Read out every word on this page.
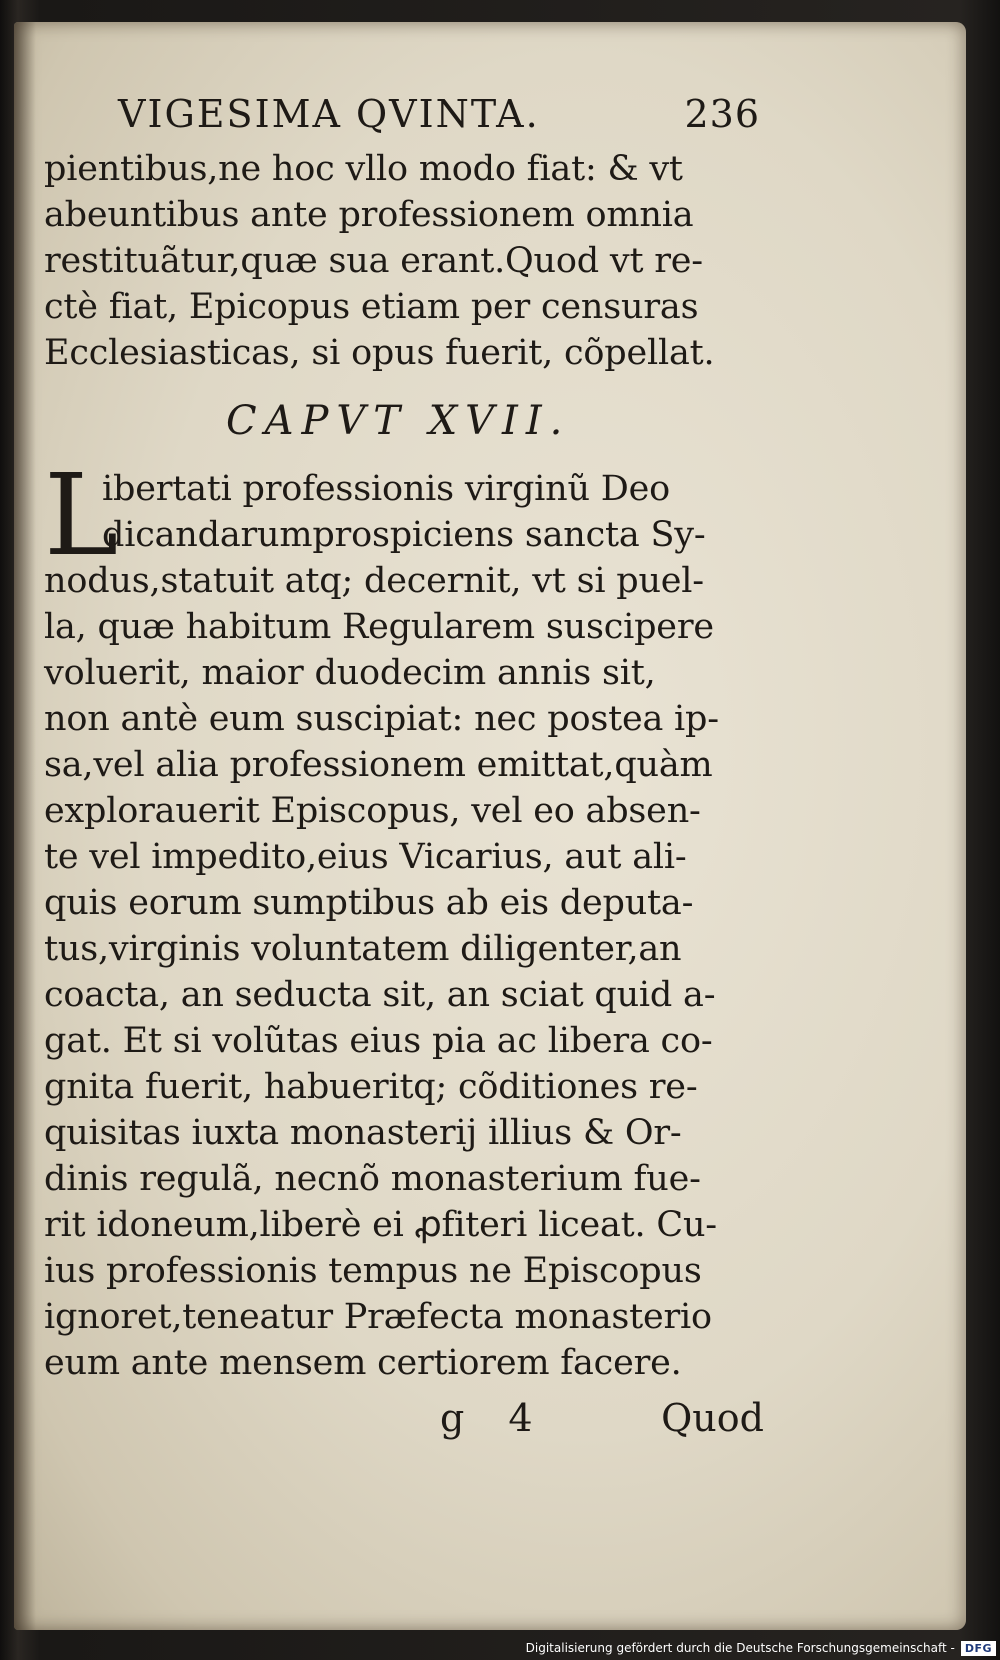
VIGESIMA QVINTA.	236
pientibus,ne hoc vllo modo fiat: & vt
abeuntibus ante professionem omnia
restituãtur,quæ sua erant.Quod vt re-
ctè fiat, Epicopus etiam per censuras
Ecclesiasticas, si opus fuerit, cõpellat.
CAPVT XVII.
L
ibertati professionis virginũ Deo
dicandarumprospiciens sancta Sy-
nodus,statuit atq; decernit, vt si puel-
la, quæ habitum Regularem suscipere
voluerit, maior duodecim annis sit,
non antè eum suscipiat: nec postea ip-
sa,vel alia professionem emittat,quàm
explorauerit Episcopus, vel eo absen-
te vel impedito,eius Vicarius, aut ali-
quis eorum sumptibus ab eis deputa-
tus,virginis voluntatem diligenter,an
coacta, an seducta sit, an sciat quid a-
gat. Et si volũtas eius pia ac libera co-
gnita fuerit, habueritq; cõditiones re-
quisitas iuxta monasterij illius & Or-
dinis regulã, necnõ monasterium fue-
rit idoneum,liberè ei ꝓfiteri liceat. Cu-
ius professionis tempus ne Episcopus
ignoret,teneatur Præfecta monasterio
eum ante mensem certiorem facere.
g 4	Quod
Digitalisierung gefördert durch die Deutsche Forschungsgemeinschaft - DFG
